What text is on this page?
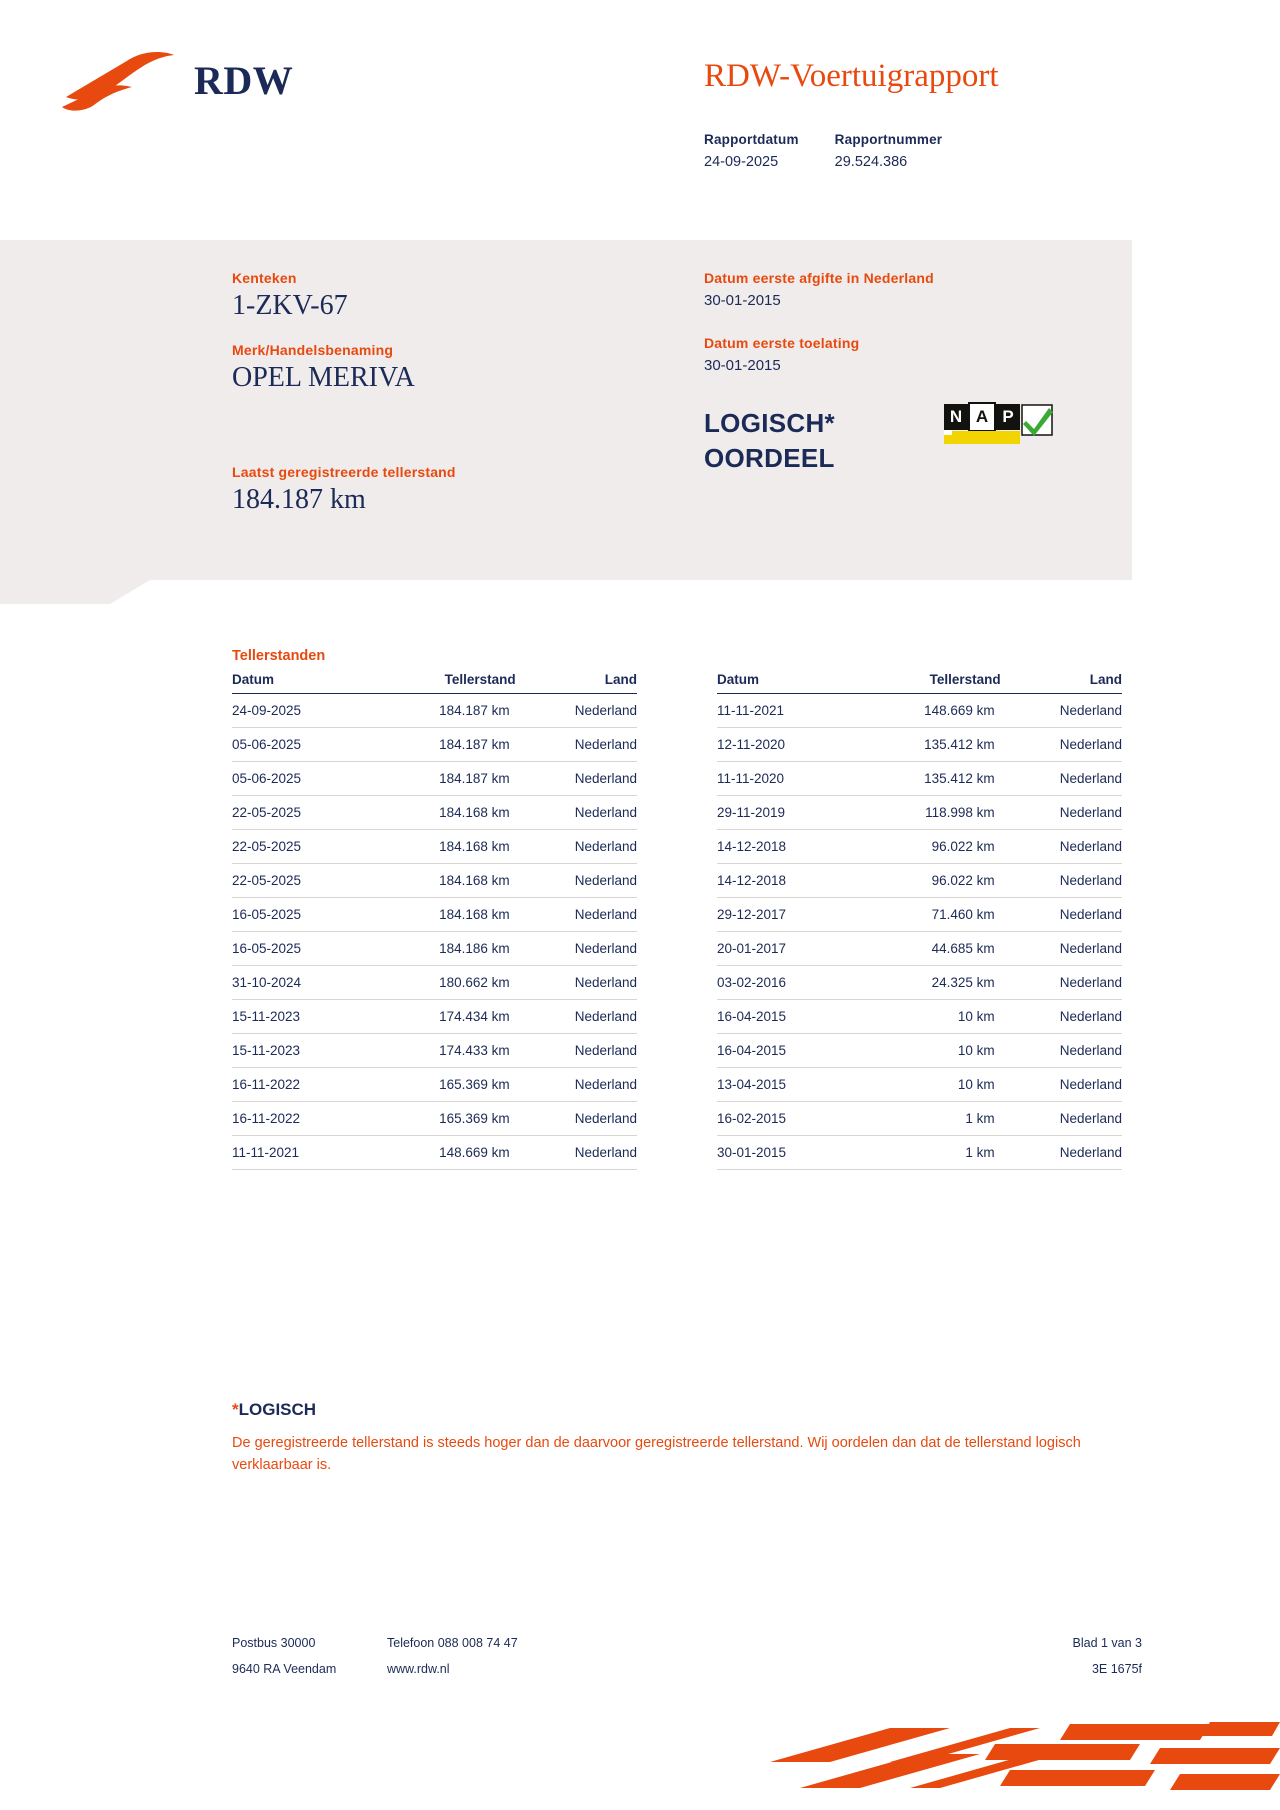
RDW	RDW-Voertuigrapport
Rapportdatum
24-09-2025
Rapportnummer
29.524.386
Kenteken
1-ZKV-67
Merk/Handelsbenaming
OPEL MERIVA
Laatst geregistreerde tellerstand
184.187 km
Datum eerste afgifte in Nederland
30-01-2015
Datum eerste toelating
30-01-2015
LOGISCH*
OORDEEL
N A P
Tellerstanden
Datum	Tellerstand	Land
24-09-2025	184.187 km	Nederland
05-06-2025	184.187 km	Nederland
05-06-2025	184.187 km	Nederland
22-05-2025	184.168 km	Nederland
22-05-2025	184.168 km	Nederland
22-05-2025	184.168 km	Nederland
16-05-2025	184.168 km	Nederland
16-05-2025	184.186 km	Nederland
31-10-2024	180.662 km	Nederland
15-11-2023	174.434 km	Nederland
15-11-2023	174.433 km	Nederland
16-11-2022	165.369 km	Nederland
16-11-2022	165.369 km	Nederland
11-11-2021	148.669 km	Nederland
Datum	Tellerstand	Land
11-11-2021	148.669 km	Nederland
12-11-2020	135.412 km	Nederland
11-11-2020	135.412 km	Nederland
29-11-2019	118.998 km	Nederland
14-12-2018	96.022 km	Nederland
14-12-2018	96.022 km	Nederland
29-12-2017	71.460 km	Nederland
20-01-2017	44.685 km	Nederland
03-02-2016	24.325 km	Nederland
16-04-2015	10 km	Nederland
16-04-2015	10 km	Nederland
13-04-2015	10 km	Nederland
16-02-2015	1 km	Nederland
30-01-2015	1 km	Nederland
*LOGISCH
De geregistreerde tellerstand is steeds hoger dan de daarvoor geregistreerde tellerstand. Wij oordelen dan dat de tellerstand logisch verklaarbaar is.
Postbus 30000	Telefoon 088 008 74 47	Blad 1 van 3
9640 RA Veendam	www.rdw.nl	3E 1675f
